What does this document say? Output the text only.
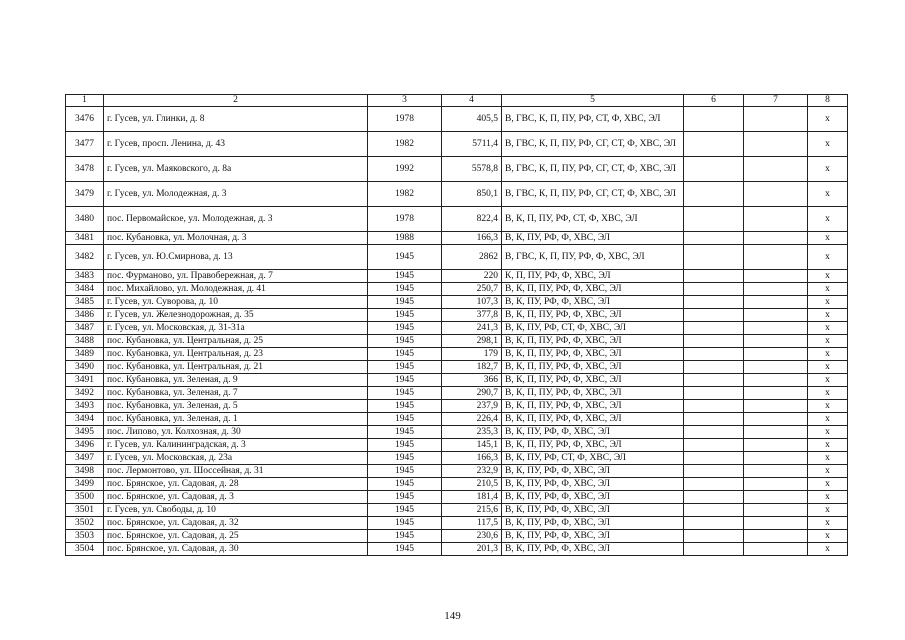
1	2	3	4	5	6	7	8
3476	г. Гусев, ул. Глинки, д. 8	1978	405,5	В, ГВС, К, П, ПУ, РФ, СТ, Ф, ХВС, ЭЛ			x
3477	г. Гусев, просп. Ленина, д. 43	1982	5711,4	В, ГВС, К, П, ПУ, РФ, СГ, СТ, Ф, ХВС, ЭЛ			x
3478	г. Гусев, ул. Маяковского, д. 8а	1992	5578,8	В, ГВС, К, П, ПУ, РФ, СГ, СТ, Ф, ХВС, ЭЛ			x
3479	г. Гусев, ул. Молодежная, д. 3	1982	850,1	В, ГВС, К, П, ПУ, РФ, СГ, СТ, Ф, ХВС, ЭЛ			x
3480	пос. Первомайское, ул. Молодежная, д. 3	1978	822,4	В, К, П, ПУ, РФ, СТ, Ф, ХВС, ЭЛ			x
3481	пос. Кубановка, ул. Молочная, д. 3	1988	166,3	В, К, ПУ, РФ, Ф, ХВС, ЭЛ			x
3482	г. Гусев, ул. Ю.Смирнова, д. 13	1945	2862	В, ГВС, К, П, ПУ, РФ, Ф, ХВС, ЭЛ			x
3483	пос. Фурманово, ул. Правобережная, д. 7	1945	220	К, П, ПУ, РФ, Ф, ХВС, ЭЛ			x
3484	пос. Михайлово, ул. Молодежная, д. 41	1945	250,7	В, К, П, ПУ, РФ, Ф, ХВС, ЭЛ			x
3485	г. Гусев, ул. Суворова, д. 10	1945	107,3	В, К, ПУ, РФ, Ф, ХВС, ЭЛ			x
3486	г. Гусев, ул. Железнодорожная, д. 35	1945	377,8	В, К, П, ПУ, РФ, Ф, ХВС, ЭЛ			x
3487	г. Гусев, ул. Московская, д. 31-31а	1945	241,3	В, К, ПУ, РФ, СТ, Ф, ХВС, ЭЛ			x
3488	пос. Кубановка, ул. Центральная, д. 25	1945	298,1	В, К, П, ПУ, РФ, Ф, ХВС, ЭЛ			x
3489	пос. Кубановка, ул. Центральная, д. 23	1945	179	В, К, П, ПУ, РФ, Ф, ХВС, ЭЛ			x
3490	пос. Кубановка, ул. Центральная, д. 21	1945	182,7	В, К, П, ПУ, РФ, Ф, ХВС, ЭЛ			x
3491	пос. Кубановка, ул. Зеленая, д. 9	1945	366	В, К, П, ПУ, РФ, Ф, ХВС, ЭЛ			x
3492	пос. Кубановка, ул. Зеленая, д. 7	1945	290,7	В, К, П, ПУ, РФ, Ф, ХВС, ЭЛ			x
3493	пос. Кубановка, ул. Зеленая, д. 5	1945	237,9	В, К, П, ПУ, РФ, Ф, ХВС, ЭЛ			x
3494	пос. Кубановка, ул. Зеленая, д. 1	1945	226,4	В, К, П, ПУ, РФ, Ф, ХВС, ЭЛ			x
3495	пос. Липово, ул. Колхозная, д. 30	1945	235,3	В, К, ПУ, РФ, Ф, ХВС, ЭЛ			x
3496	г. Гусев, ул. Калининградская, д. 3	1945	145,1	В, К, П, ПУ, РФ, Ф, ХВС, ЭЛ			x
3497	г. Гусев, ул. Московская, д. 23а	1945	166,3	В, К, ПУ, РФ, СТ, Ф, ХВС, ЭЛ			x
3498	пос. Лермонтово, ул. Шоссейная, д. 31	1945	232,9	В, К, ПУ, РФ, Ф, ХВС, ЭЛ			x
3499	пос. Брянское, ул. Садовая, д. 28	1945	210,5	В, К, ПУ, РФ, Ф, ХВС, ЭЛ			x
3500	пос. Брянское, ул. Садовая, д. 3	1945	181,4	В, К, ПУ, РФ, Ф, ХВС, ЭЛ			x
3501	г. Гусев, ул. Свободы, д. 10	1945	215,6	В, К, ПУ, РФ, Ф, ХВС, ЭЛ			x
3502	пос. Брянское, ул. Садовая, д. 32	1945	117,5	В, К, ПУ, РФ, Ф, ХВС, ЭЛ			x
3503	пос. Брянское, ул. Садовая, д. 25	1945	230,6	В, К, ПУ, РФ, Ф, ХВС, ЭЛ			x
3504	пос. Брянское, ул. Садовая, д. 30	1945	201,3	В, К, ПУ, РФ, Ф, ХВС, ЭЛ			x
149
